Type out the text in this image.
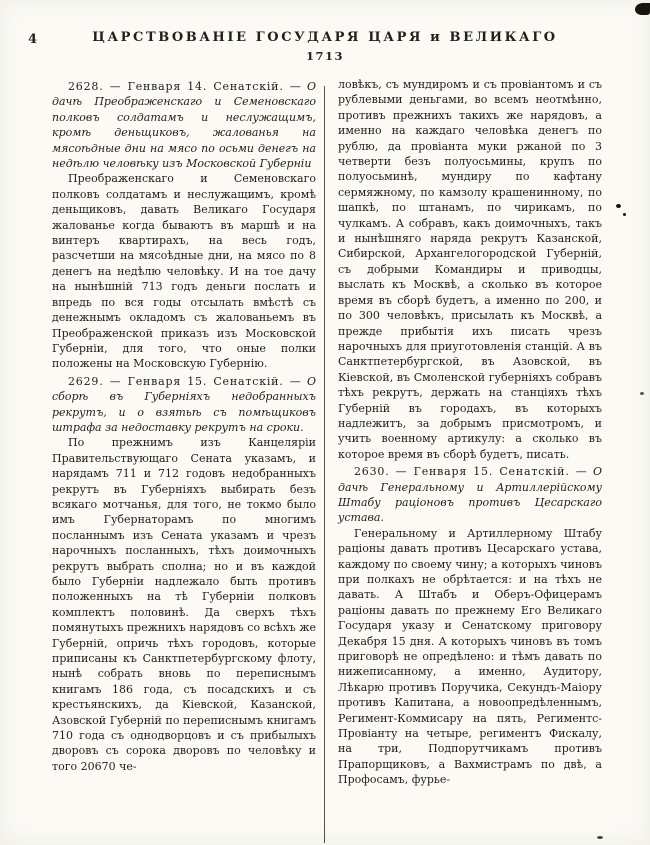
4	ЦАРСТВОВАНІЕ ГОСУДАРЯ ЦАРЯ и ВЕЛИКАГО
1713

2628. — Генваря 14. Сенатскій. — О дачѣ Преображенскаго и Семеновскаго полковъ солдатамъ и неслужащимъ, кромѣ деньщиковъ, жалованья на мясоѣдные дни на мясо по осьми денегъ на недѣлю человѣку изъ Московской Губерніи

Преображенскаго и Семеновскаго полковъ солдатамъ и неслужащимъ, кромѣ деньщиковъ, давать Великаго Государя жалованье когда бываютъ въ маршѣ и на винтеръ квартирахъ, на весь годъ, разсчетши на мясоѣдные дни, на мясо по 8 денегъ на недѣлю человѣку. И на тое дачу на нынѣшній 713 годъ деньги послать и впредь по вся годы отсылать вмѣстѣ съ денежнымъ окладомъ съ жалованьемъ въ Преображенской приказъ изъ Московской Губерніи, для того, что оные полки положены на Московскую Губернію.

2629. — Генваря 15. Сенатскій. — О сборѣ въ Губерніяхъ недобранныхъ рекрутъ, и о взятьѣ съ помѣщиковъ штрафа за недоставку рекрутъ на сроки.

По прежнимъ изъ Канцеляріи Правительствующаго Сената указамъ, и нарядамъ 711 и 712 годовъ недобранныхъ рекрутъ въ Губерніяхъ выбирать безъ всякаго мотчанья, для того, не токмо было имъ Губернаторамъ по многимъ посланнымъ изъ Сената указамъ и чрезъ нарочныхъ посланныхъ, тѣхъ доимочныхъ рекрутъ выбрать сполна; но и въ каждой было Губерніи надлежало быть противъ положенныхъ на тѣ Губерніи полковъ комплектъ половинѣ. Да сверхъ тѣхъ помянутыхъ прежнихъ нарядовъ со всѣхъ же Губерній, опричь тѣхъ городовъ, которые приписаны къ Санктпетербургскому флоту, нынѣ собрать вновь по переписнымъ книгамъ 186 года, съ посадскихъ и съ крестьянскихъ, да Кіевской, Казанской, Азовской Губерній по переписнымъ книгамъ 710 года съ однодворцовъ и съ прибылыхъ дворовъ съ сорока дворовъ по человѣку и того 20670 че-

ловѣкъ, съ мундиромъ и съ провіантомъ и съ рублевыми деньгами, во всемъ неотмѣнно, противъ прежнихъ такихъ же нарядовъ, а именно на каждаго человѣка денегъ по рублю, да провіанта муки ржаной по 3 четверти безъ полуосьмины, крупъ по полуосьминѣ, мундиру по кафтану сермяжному, по камзолу крашенинному, по шапкѣ, по штанамъ, по чирикамъ, по чулкамъ. А собравъ, какъ доимочныхъ, такъ и нынѣшняго наряда рекрутъ Казанской, Сибирской, Архангелогородской Губерній, съ добрыми Командиры и приводцы, выслать къ Москвѣ, а сколько въ которое время въ сборѣ будетъ, а именно по 200, и по 300 человѣкъ, присылать къ Москвѣ, а прежде прибытія ихъ писать чрезъ нарочныхъ для приуготовленія станцій. А въ Санктпетербургской, въ Азовской, въ Кіевской, въ Смоленской губерніяхъ собравъ тѣхъ рекрутъ, держать на станціяхъ тѣхъ Губерній въ городахъ, въ которыхъ надлежитъ, за добрымъ присмотромъ, и учить военному артикулу: а сколько въ которое время въ сборѣ будетъ, писать.

2630. — Генваря 15. Сенатскій. — О дачѣ Генеральному и Артиллерійскому Штабу раціоновъ противъ Цесарскаго устава.

Генеральному и Артиллерному Штабу раціоны давать противъ Цесарскаго устава, каждому по своему чину; а которыхъ чиновъ при полкахъ не обрѣтается: и на тѣхъ не давать. А Штабъ и Оберъ-Офицерамъ раціоны давать по прежнему Его Великаго Государя указу и Сенатскому приговору Декабря 15 дня. А которыхъ чиновъ въ томъ приговорѣ не опредѣлено: и тѣмъ давать по нижеписанному, а именно, Аудитору, Лѣкарю противъ Поручика, Секундъ-Маіору противъ Капитана, а новоопредѣленнымъ, Регимент-Коммисару на пять, Региментс-Провіанту на четыре, региментъ Фискалу, на три, Подпорутчикамъ противъ Прапорщиковъ, а Вахмистрамъ по двѣ, а Профосамъ, фурье-
